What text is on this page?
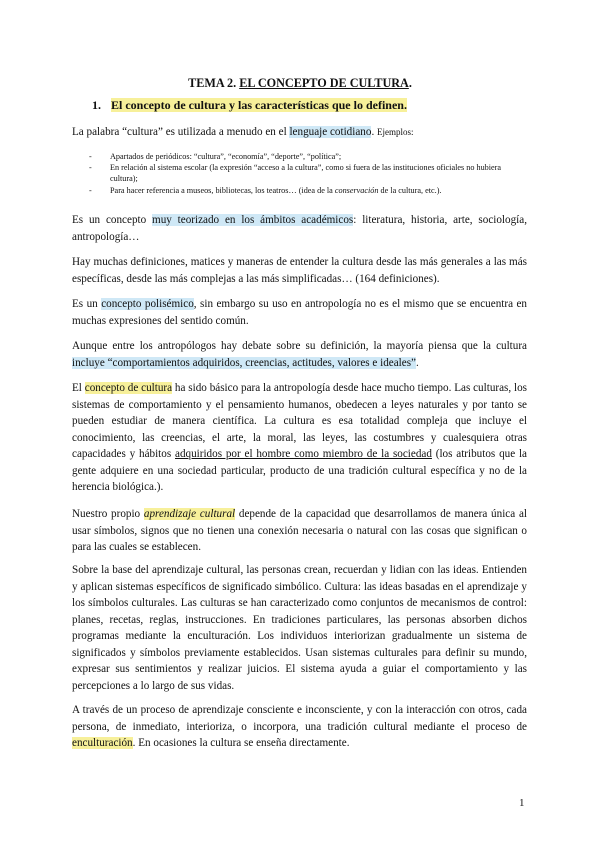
TEMA 2. EL CONCEPTO DE CULTURA.
1. El concepto de cultura y las características que lo definen.

La palabra “cultura” es utilizada a menudo en el lenguaje cotidiano. Ejemplos:

- Apartados de periódicos: “cultura”, “economía”, “deporte”, “política”;
- En relación al sistema escolar (la expresión “acceso a la cultura”, como si fuera de las instituciones oficiales no hubiera cultura);
- Para hacer referencia a museos, bibliotecas, los teatros… (idea de la conservación de la cultura, etc.).

Es un concepto muy teorizado en los ámbitos académicos: literatura, historia, arte, sociología, antropología…

Hay muchas definiciones, matices y maneras de entender la cultura desde las más generales a las más específicas, desde las más complejas a las más simplificadas… (164 definiciones).

Es un concepto polisémico, sin embargo su uso en antropología no es el mismo que se encuentra en muchas expresiones del sentido común.

Aunque entre los antropólogos hay debate sobre su definición, la mayoría piensa que la cultura incluye “comportamientos adquiridos, creencias, actitudes, valores e ideales”.

El concepto de cultura ha sido básico para la antropología desde hace mucho tiempo. Las culturas, los sistemas de comportamiento y el pensamiento humanos, obedecen a leyes naturales y por tanto se pueden estudiar de manera científica. La cultura es esa totalidad compleja que incluye el conocimiento, las creencias, el arte, la moral, las leyes, las costumbres y cualesquiera otras capacidades y hábitos adquiridos por el hombre como miembro de la sociedad (los atributos que la gente adquiere en una sociedad particular, producto de una tradición cultural específica y no de la herencia biológica.).

Nuestro propio aprendizaje cultural depende de la capacidad que desarrollamos de manera única al usar símbolos, signos que no tienen una conexión necesaria o natural con las cosas que significan o para las cuales se establecen.

Sobre la base del aprendizaje cultural, las personas crean, recuerdan y lidian con las ideas. Entienden y aplican sistemas específicos de significado simbólico. Cultura: las ideas basadas en el aprendizaje y los símbolos culturales. Las culturas se han caracterizado como conjuntos de mecanismos de control: planes, recetas, reglas, instrucciones. En tradiciones particulares, las personas absorben dichos programas mediante la enculturación. Los individuos interiorizan gradualmente un sistema de significados y símbolos previamente establecidos. Usan sistemas culturales para definir su mundo, expresar sus sentimientos y realizar juicios. El sistema ayuda a guiar el comportamiento y las percepciones a lo largo de sus vidas.

A través de un proceso de aprendizaje consciente e inconsciente, y con la interacción con otros, cada persona, de inmediato, interioriza, o incorpora, una tradición cultural mediante el proceso de enculturación. En ocasiones la cultura se enseña directamente.

1
